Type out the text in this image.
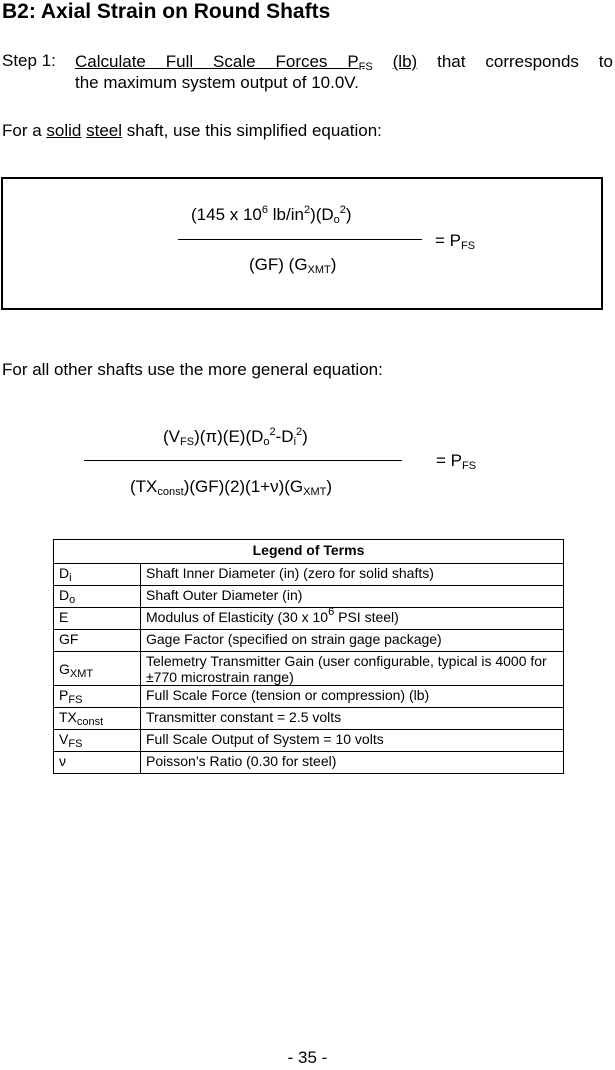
B2: Axial Strain on Round Shafts
Step 1: Calculate Full Scale Forces $P_{FS}$ (lb) that corresponds to
the maximum system output of 10.0V.
For a solid steel shaft, use this simplified equation:
(145 x $10^6$ $lb/in^2)(D_o^2)$
(GF) $(G_{XMT})$
= $P_{FS}$
For all other shafts use the more general equation:
$(V_{FS})(\pi)(E)(D_o^2-D_i^2)$
$(TX_{const})(GF)(2)(1+\nu)(G_{XMT})$
= $P_{FS}$
Legend of Terms	
$D_i$	Shaft Inner Diameter (in) (zero for solid shafts)
$D_o$	Shaft Outer Diameter (in)
E	Modulus of Elasticity (30 x $10^6$ PSI steel)
GF	Gage Factor (specified on strain gage package)
$G_{XMT}$	Telemetry Transmitter Gain (user configurable, typical is 4000 for ±770 microstrain range)
$P_{FS}$	Full Scale Force (tension or compression) (lb)
$TX_{const}$	Transmitter constant = 2.5 volts
$V_{FS}$	Full Scale Output of System = 10 volts
ν	Poisson’s Ratio (0.30 for steel)
- 35 -
